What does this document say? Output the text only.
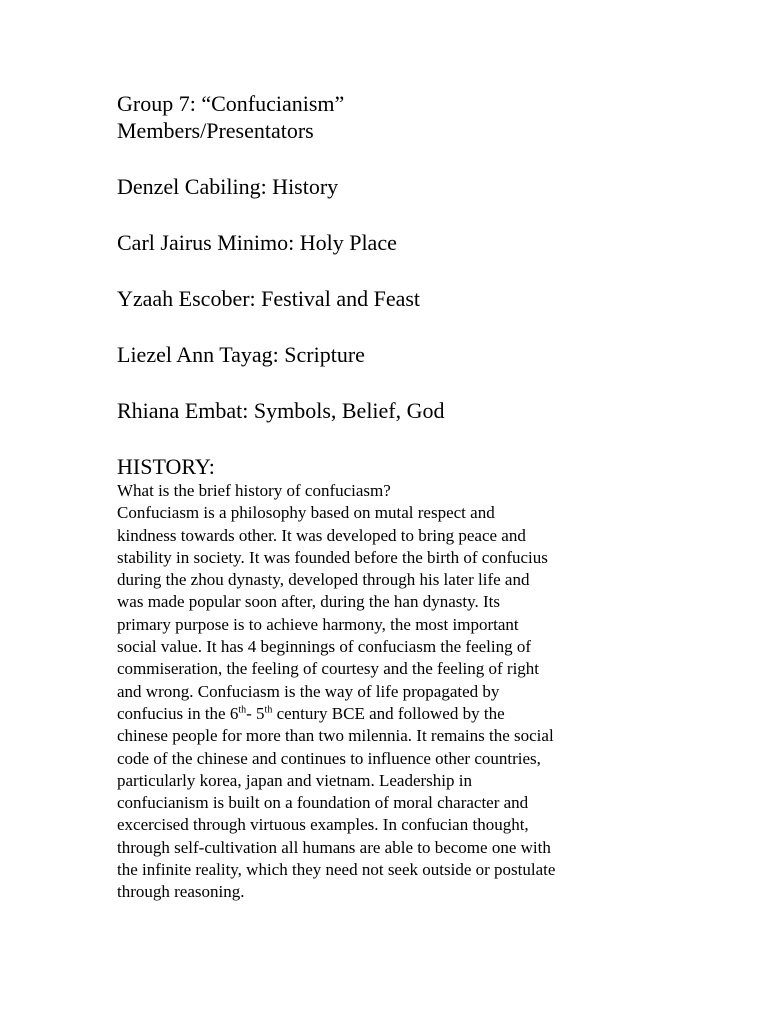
Group 7: “Confucianism”
Members/Presentators
Denzel Cabiling: History
Carl Jairus Minimo: Holy Place
Yzaah Escober: Festival and Feast
Liezel Ann Tayag: Scripture
Rhiana Embat: Symbols, Belief, God
HISTORY:

What is the brief history of confuciasm?

Confuciasm is a philosophy based on mutal respect and
kindness towards other. It was developed to bring peace and
stability in society. It was founded before the birth of confucius
during the zhou dynasty, developed through his later life and
was made popular soon after, during the han dynasty. Its
primary purpose is to achieve harmony, the most important
social value. It has 4 beginnings of confuciasm the feeling of
commiseration, the feeling of courtesy and the feeling of right
and wrong. Confuciasm is the way of life propagated by
confucius in the 6th- 5th century BCE and followed by the
chinese people for more than two milennia. It remains the social
code of the chinese and continues to influence other countries,
particularly korea, japan and vietnam. Leadership in
confucianism is built on a foundation of moral character and
excercised through virtuous examples. In confucian thought,
through self-cultivation all humans are able to become one with
the infinite reality, which they need not seek outside or postulate
through reasoning.
